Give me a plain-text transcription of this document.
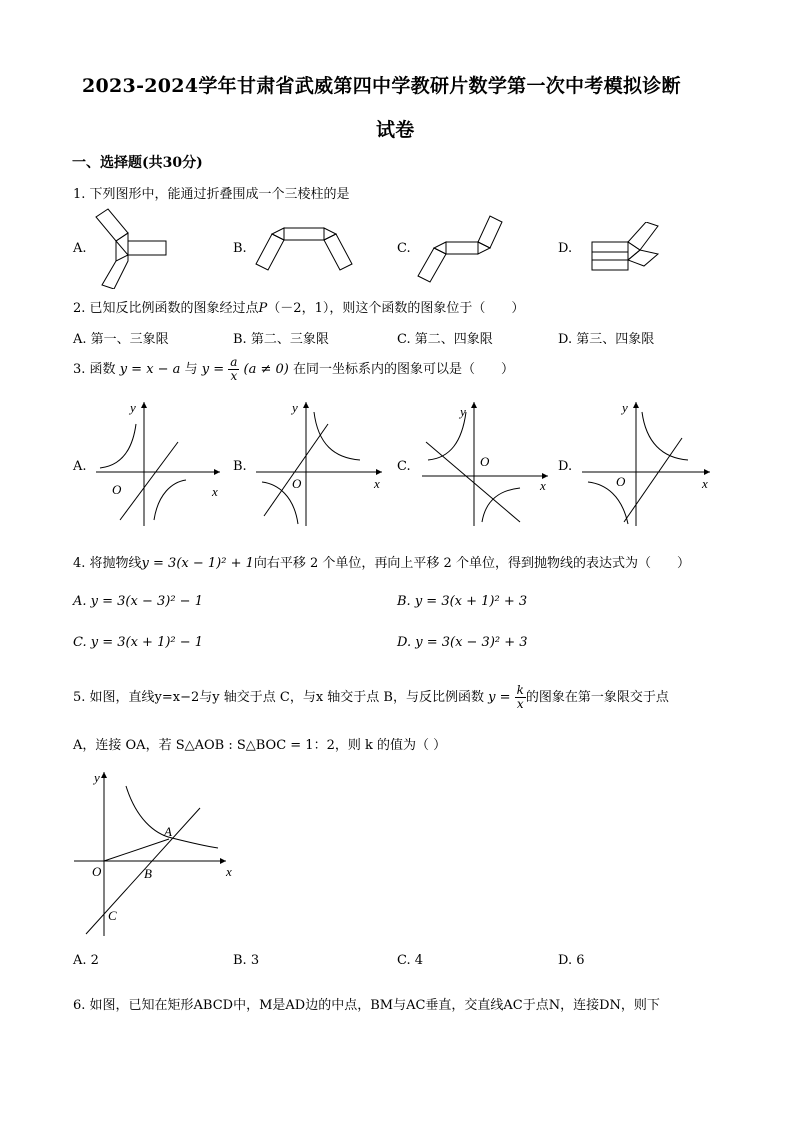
2023-2024学年甘肃省武威第四中学教研片数学第一次中考模拟诊断
试卷
一、选择题(共30分)
1. 下列图形中，能通过折叠围成一个三棱柱的是
A.	B.	C.	D.
2. 已知反比例函数的图象经过点P（－2，1），则这个函数的图象位于（　　）
A. 第一、三象限	B. 第二、三象限	C. 第二、四象限	D. 第三、四象限
3. 函数 y = x − a 与 $y = \frac{a}{x} (a \ne 0)$ 在同一坐标系内的图象可以是（　　）
A.	B.	C.	D.
y
x
O
y
x
O
y
x
O
y
x
O
4. 将抛物线y = 3(x − 1)² + 1向右平移 2 个单位，再向上平移 2 个单位，得到抛物线的表达式为（　　）
A. y = 3(x − 3)² − 1	B. y = 3(x + 1)² + 3
C. y = 3(x + 1)² − 1	D. y = 3(x − 3)² + 3
5. 如图，直线y=x−2与y 轴交于点 C，与x 轴交于点 B，与反比例函数 $y = \frac{k}{x}$ 的图象在第一象限交于点
A，连接 OA，若 S△AOB : S△BOC = 1：2，则 k 的值为（ ）
y
x
O
A
B
C
A. 2	B. 3	C. 4	D. 6
6. 如图，已知在矩形ABCD中，M是AD边的中点，BM与AC垂直，交直线AC于点N，连接DN，则下
